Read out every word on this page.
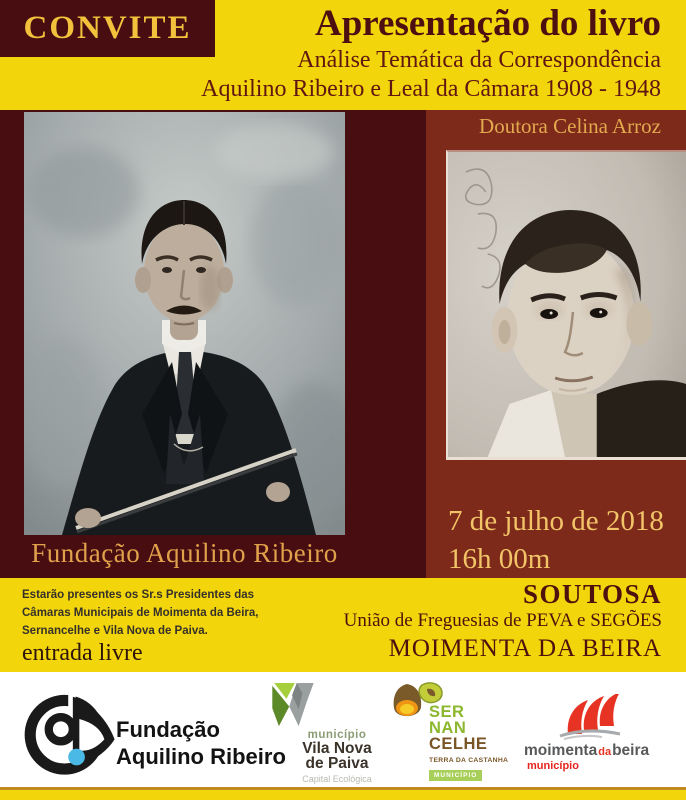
CONVITE	Apresentação do livro
Análise Temática da Correspondência
Aquilino Ribeiro e Leal da Câmara 1908 - 1948
Fundação Aquilino Ribeiro
Doutora Celina Arroz
7 de julho de 2018
16h 00m
Estarão presentes os Sr.s Presidentes das
Câmaras Municipais de Moimenta da Beira,
Sernancelhe e Vila Nova de Paiva.
entrada livre
SOUTOSA
União de Freguesias de PEVA e SEGÕES
MOIMENTA DA BEIRA
Fundação
Aquilino Ribeiro
município
Vila Nova
de Paiva
Capital Ecológica
SER
NAN
CELHE
TERRA DA CASTANHA
MUNICÍPIO
moimenta da beira
município
